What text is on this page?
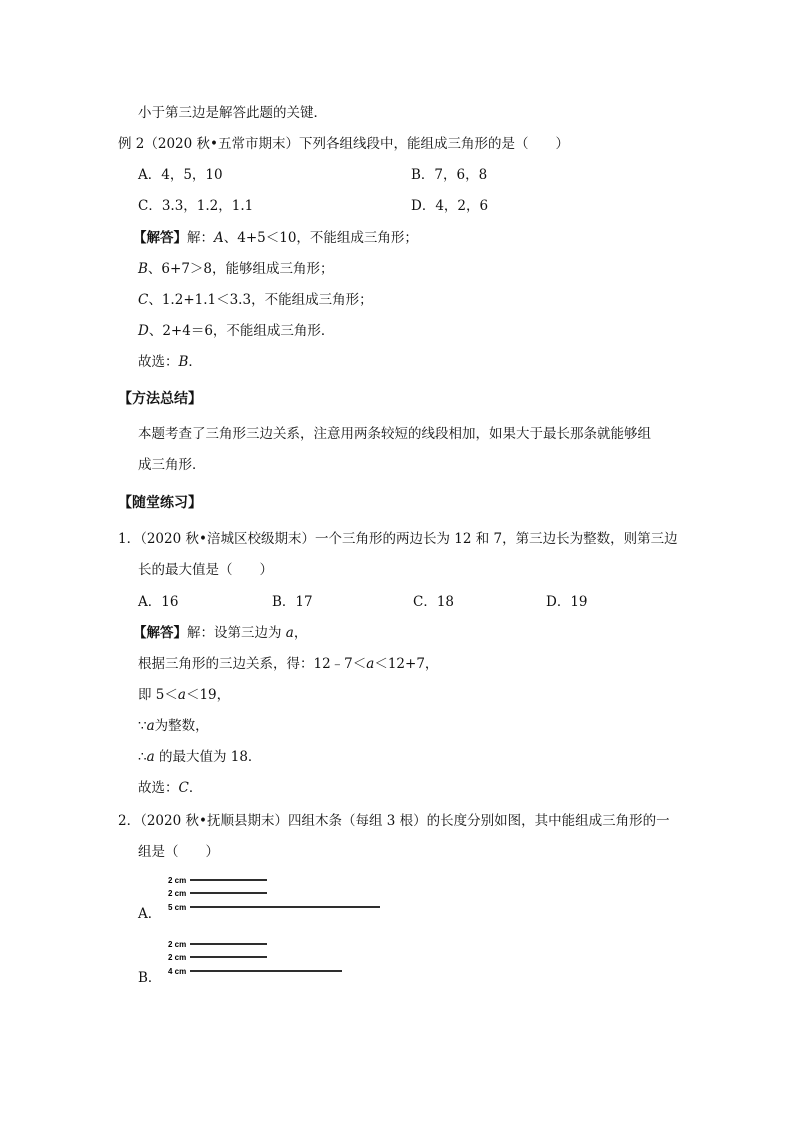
小于第三边是解答此题的关键．
例 2（2020 秋•五常市期末）下列各组线段中，能组成三角形的是（　　）
A．4，5，10	B．7，6，8
C．3.3，1.2，1.1	D．4，2，6
【解答】解：A、4+5＜10，不能组成三角形；
B、6+7＞8，能够组成三角形；
C、1.2+1.1＜3.3，不能组成三角形；
D、2+4＝6，不能组成三角形．
故选：B．
【方法总结】
本题考查了三角形三边关系，注意用两条较短的线段相加，如果大于最长那条就能够组
成三角形．
【随堂练习】
1．（2020 秋•涪城区校级期末）一个三角形的两边长为 12 和 7，第三边长为整数，则第三边
长的最大值是（　　）
A．16	B．17	C．18	D．19
【解答】解：设第三边为 a，
根据三角形的三边关系，得：12﹣7＜a＜12+7，
即 5＜a＜19，
∵a为整数，
∴a 的最大值为 18．
故选：C．
2．（2020 秋•抚顺县期末）四组木条（每组 3 根）的长度分别如图，其中能组成三角形的一
组是（　　）
2 cm
2 cm
5 cm
A．
2 cm
2 cm
4 cm
B．
